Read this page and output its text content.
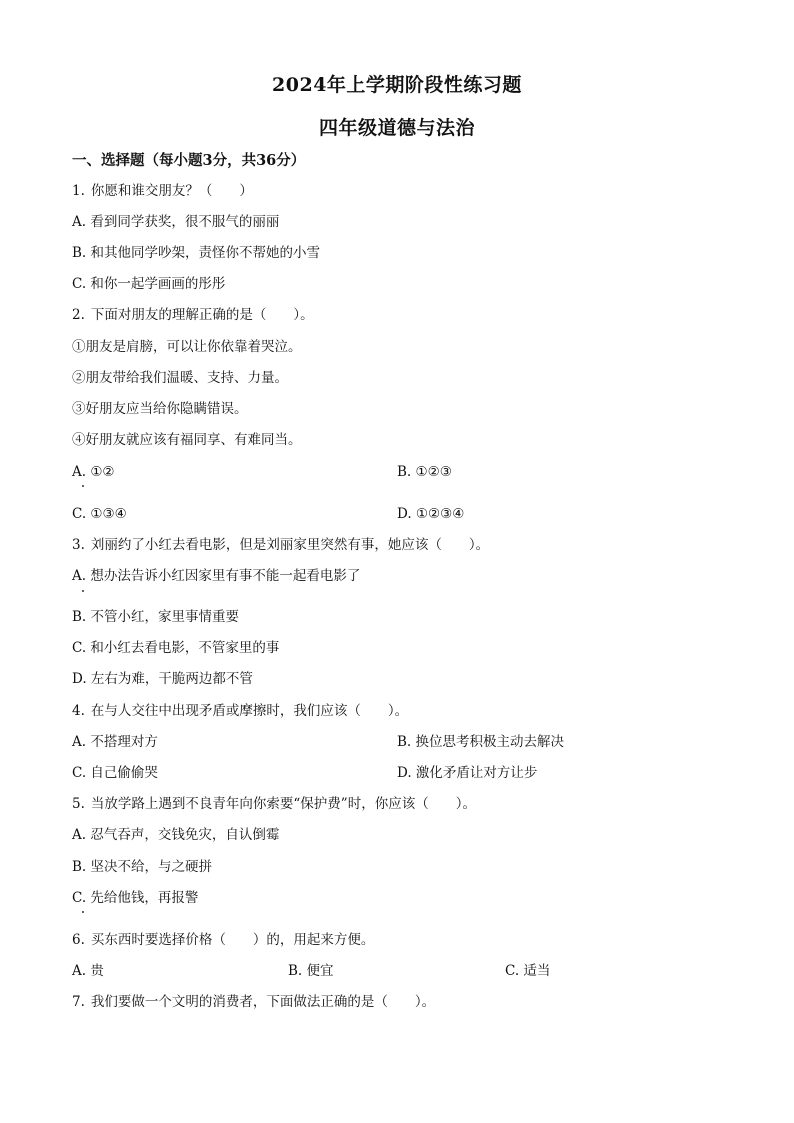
2024年上学期阶段性练习题
四年级道德与法治
一、选择题（每小题3分，共36分）
1. 你愿和谁交朋友？（　　）
A. 看到同学获奖，很不服气的丽丽
B. 和其他同学吵架，责怪你不帮她的小雪
C. 和你一起学画画的彤彤
2. 下面对朋友的理解正确的是（　　）。
①朋友是肩膀，可以让你依靠着哭泣。
②朋友带给我们温暖、支持、力量。
③好朋友应当给你隐瞒错误。
④好朋友就应该有福同享、有难同当。
A. ①②	B. ①②③
C. ①③④	D. ①②③④
3. 刘丽约了小红去看电影，但是刘丽家里突然有事，她应该（　　）。
A. 想办法告诉小红因家里有事不能一起看电影了
B. 不管小红，家里事情重要
C. 和小红去看电影，不管家里的事
D. 左右为难，干脆两边都不管
4. 在与人交往中出现矛盾或摩擦时，我们应该（　　）。
A. 不搭理对方	B. 换位思考积极主动去解决
C. 自己偷偷哭	D. 激化矛盾让对方让步
5. 当放学路上遇到不良青年向你索要“保护费”时，你应该（　　）。
A. 忍气吞声，交钱免灾，自认倒霉
B. 坚决不给，与之硬拼
C. 先给他钱，再报警
6. 买东西时要选择价格（　　）的，用起来方便。
A. 贵	B. 便宜	C. 适当
7. 我们要做一个文明的消费者，下面做法正确的是（　　）。
